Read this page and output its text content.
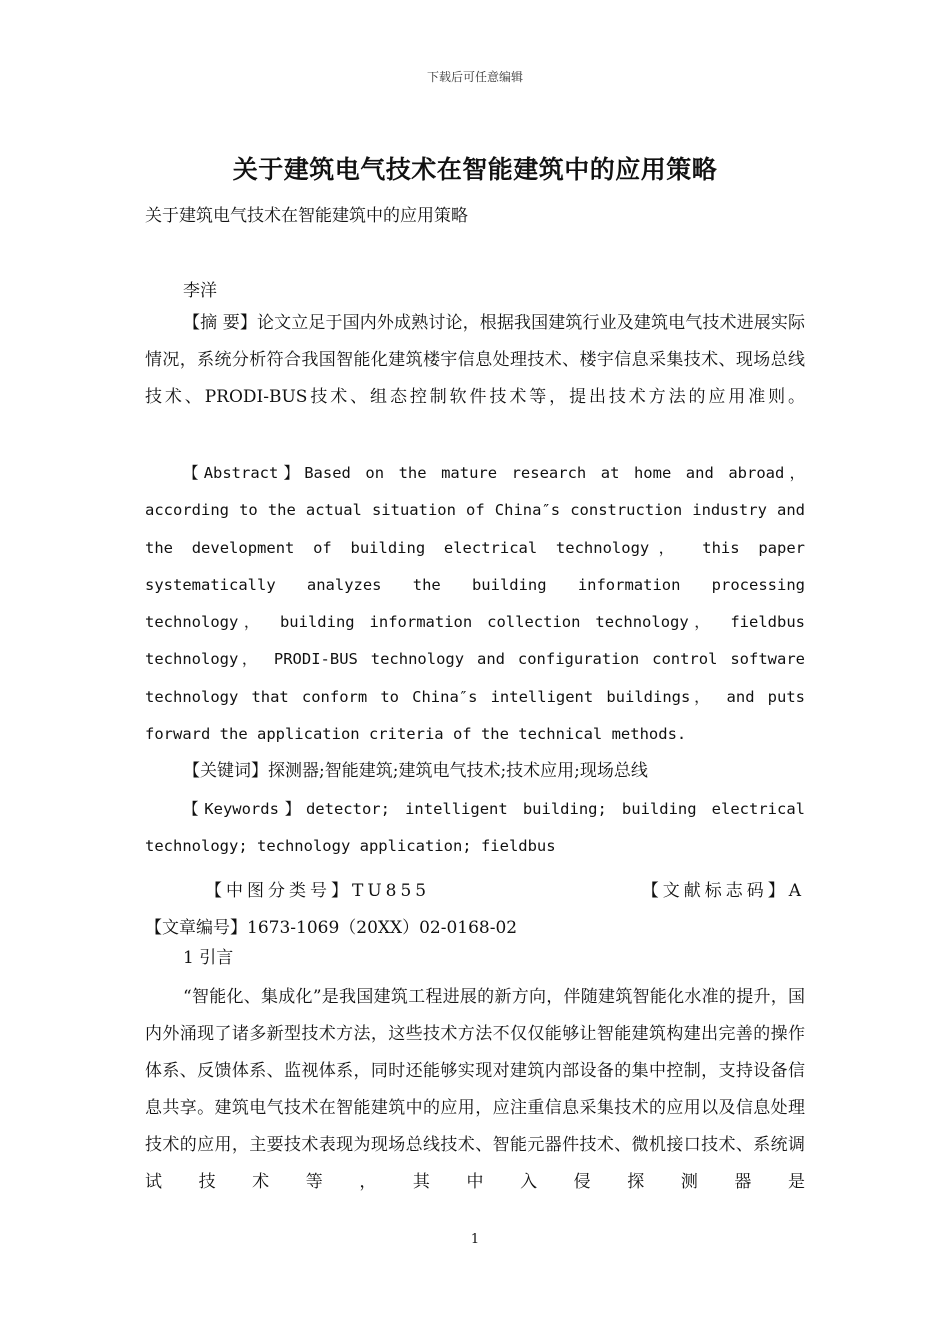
下载后可任意编辑
关于建筑电气技术在智能建筑中的应用策略
关于建筑电气技术在智能建筑中的应用策略
李洋

【摘 要】论文立足于国内外成熟讨论，根据我国建筑行业及建筑电气技术进展实际情况，系统分析符合我国智能化建筑楼宇信息处理技术、楼宇信息采集技术、现场总线技术、PRODI-BUS技术、组态控制软件技术等，提出技术方法的应用准则。

【Abstract】Based on the mature research at home and abroad，according to the actual situation of China″s construction industry and the development of building electrical technology， this paper systematically analyzes the building information processing technology， building information collection technology， fieldbus technology， PRODI-BUS technology and configuration control software technology that conform to China″s intelligent buildings， and puts forward the application criteria of the technical methods.

【关键词】探测器;智能建筑;建筑电气技术;技术应用;现场总线

【Keywords】detector; intelligent building; building electrical technology; technology application; fieldbus

【中图分类号】TU855	【文献标志码】A

【文章编号】1673-1069（20XX）02-0168-02

1 引言

“智能化、集成化”是我国建筑工程进展的新方向，伴随建筑智能化水准的提升，国内外涌现了诸多新型技术方法，这些技术方法不仅仅能够让智能建筑构建出完善的操作体系、反馈体系、监视体系，同时还能够实现对建筑内部设备的集中控制，支持设备信息共享。建筑电气技术在智能建筑中的应用，应注重信息采集技术的应用以及信息处理技术的应用，主要技术表现为现场总线技术、智能元器件技术、微机接口技术、系统调试技术等，其中入侵探测器是

1
